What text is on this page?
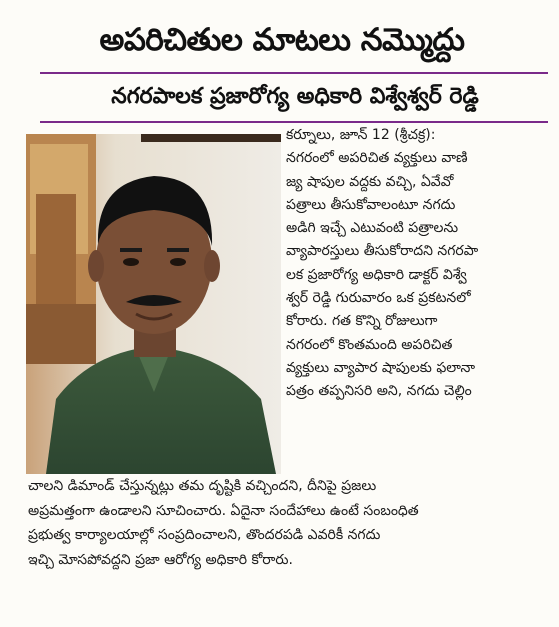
అపరిచితుల మాటలు నమ్మొద్దు
నగరపాలక ప్రజారోగ్య అధికారి విశ్వేశ్వర్ రెడ్డి
కర్నూలు, జూన్ 12 (శ్రీచక్ర):
నగరంలో అపరిచిత వ్యక్తులు వాణి
జ్య షాపుల వద్దకు వచ్చి, ఏవేవో
పత్రాలు తీసుకోవాలంటూ నగదు
అడిగి ఇచ్చే ఎటువంటి పత్రాలను
వ్యాపారస్తులు తీసుకోరాదని నగరపా
లక ప్రజారోగ్య అధికారి డాక్టర్ విశ్వే
శ్వర్ రెడ్డి గురువారం ఒక ప్రకటనలో
కోరారు. గత కొన్ని రోజులుగా
నగరంలో కొంతమంది అపరిచిత
వ్యక్తులు వ్యాపార షాపులకు ఫలానా
పత్రం తప్పనిసరి అని, నగదు చెల్లిం
చాలని డిమాండ్ చేస్తున్నట్లు తమ దృష్టికి వచ్చిందని, దీనిపై ప్రజలు
అప్రమత్తంగా ఉండాలని సూచించారు. ఏదైనా సందేహాలు ఉంటే సంబంధిత
ప్రభుత్వ కార్యాలయాల్లో సంప్రదించాలని, తొందరపడి ఎవరికీ నగదు
ఇచ్చి మోసపోవద్దని ప్రజా ఆరోగ్య అధికారి కోరారు.
